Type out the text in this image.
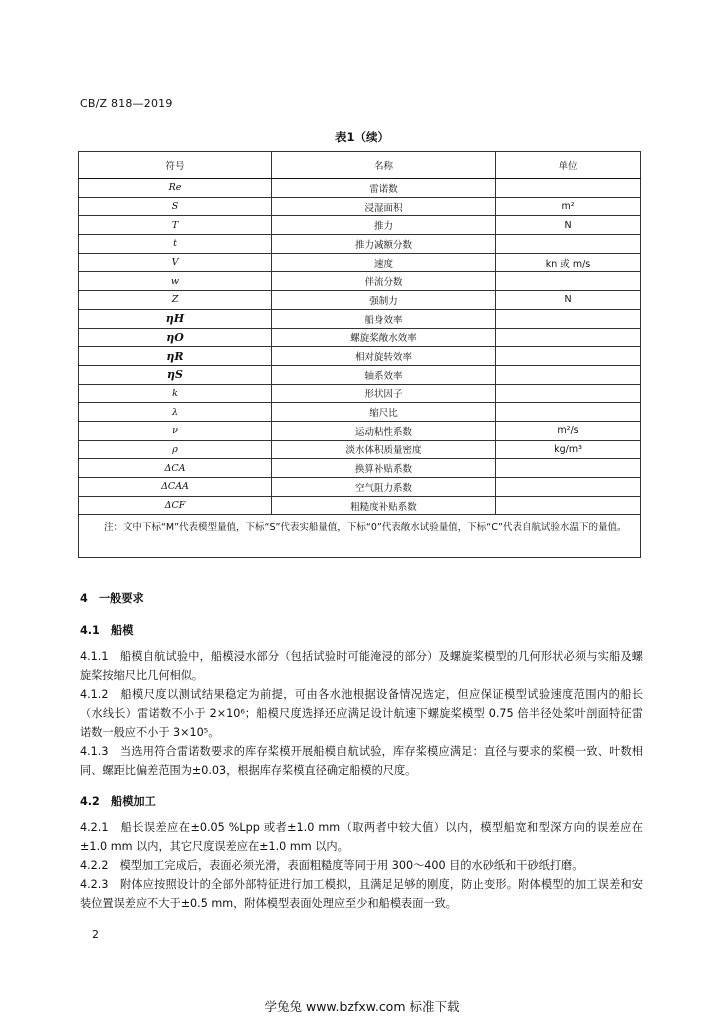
CB/Z 818—2019
表1（续）
符号	名称	单位
Re	雷诺数	
S	浸湿面积	m²
T	推力	N
t	推力减额分数	
V	速度	kn 或 m/s
w	伴流分数	
Z	强制力	N
ηH	船身效率	
ηO	螺旋桨敞水效率	
ηR	相对旋转效率	
ηS	轴系效率	
k	形状因子	
λ	缩尺比	
ν	运动粘性系数	m²/s
ρ	淡水体积质量密度	kg/m³
ΔCA	换算补贴系数	
ΔCAA	空气阻力系数	
ΔCF	粗糙度补贴系数	
注：文中下标“M”代表模型量值，下标“S”代表实船量值，下标“0”代表敞水试验量值，下标“C”代表自航试验水温下的量值。		
4　一般要求
4.1　船模
4.1.1　船模自航试验中，船模浸水部分（包括试验时可能淹浸的部分）及螺旋桨模型的几何形状必须与实船及螺旋桨按缩尺比几何相似。
4.1.2　船模尺度以测试结果稳定为前提，可由各水池根据设备情况选定，但应保证模型试验速度范围内的船长（水线长）雷诺数不小于 2×10⁶；船模尺度选择还应满足设计航速下螺旋桨模型 0.75 倍半径处桨叶剖面特征雷诺数一般应不小于 3×10⁵。
4.1.3　当选用符合雷诺数要求的库存桨模开展船模自航试验，库存桨模应满足：直径与要求的桨模一致、叶数相同、螺距比偏差范围为±0.03，根据库存桨模直径确定船模的尺度。
4.2　船模加工
4.2.1　船长误差应在±0.05 %Lpp 或者±1.0 mm（取两者中较大值）以内，模型船宽和型深方向的误差应在±1.0 mm 以内，其它尺度误差应在±1.0 mm 以内。
4.2.2　模型加工完成后，表面必须光滑，表面粗糙度等同于用 300～400 目的水砂纸和干砂纸打磨。
4.2.3　附体应按照设计的全部外部特征进行加工模拟，且满足足够的刚度，防止变形。附体模型的加工误差和安装位置误差应不大于±0.5 mm，附体模型表面处理应至少和船模表面一致。
2
学兔兔 www.bzfxw.com 标准下载
